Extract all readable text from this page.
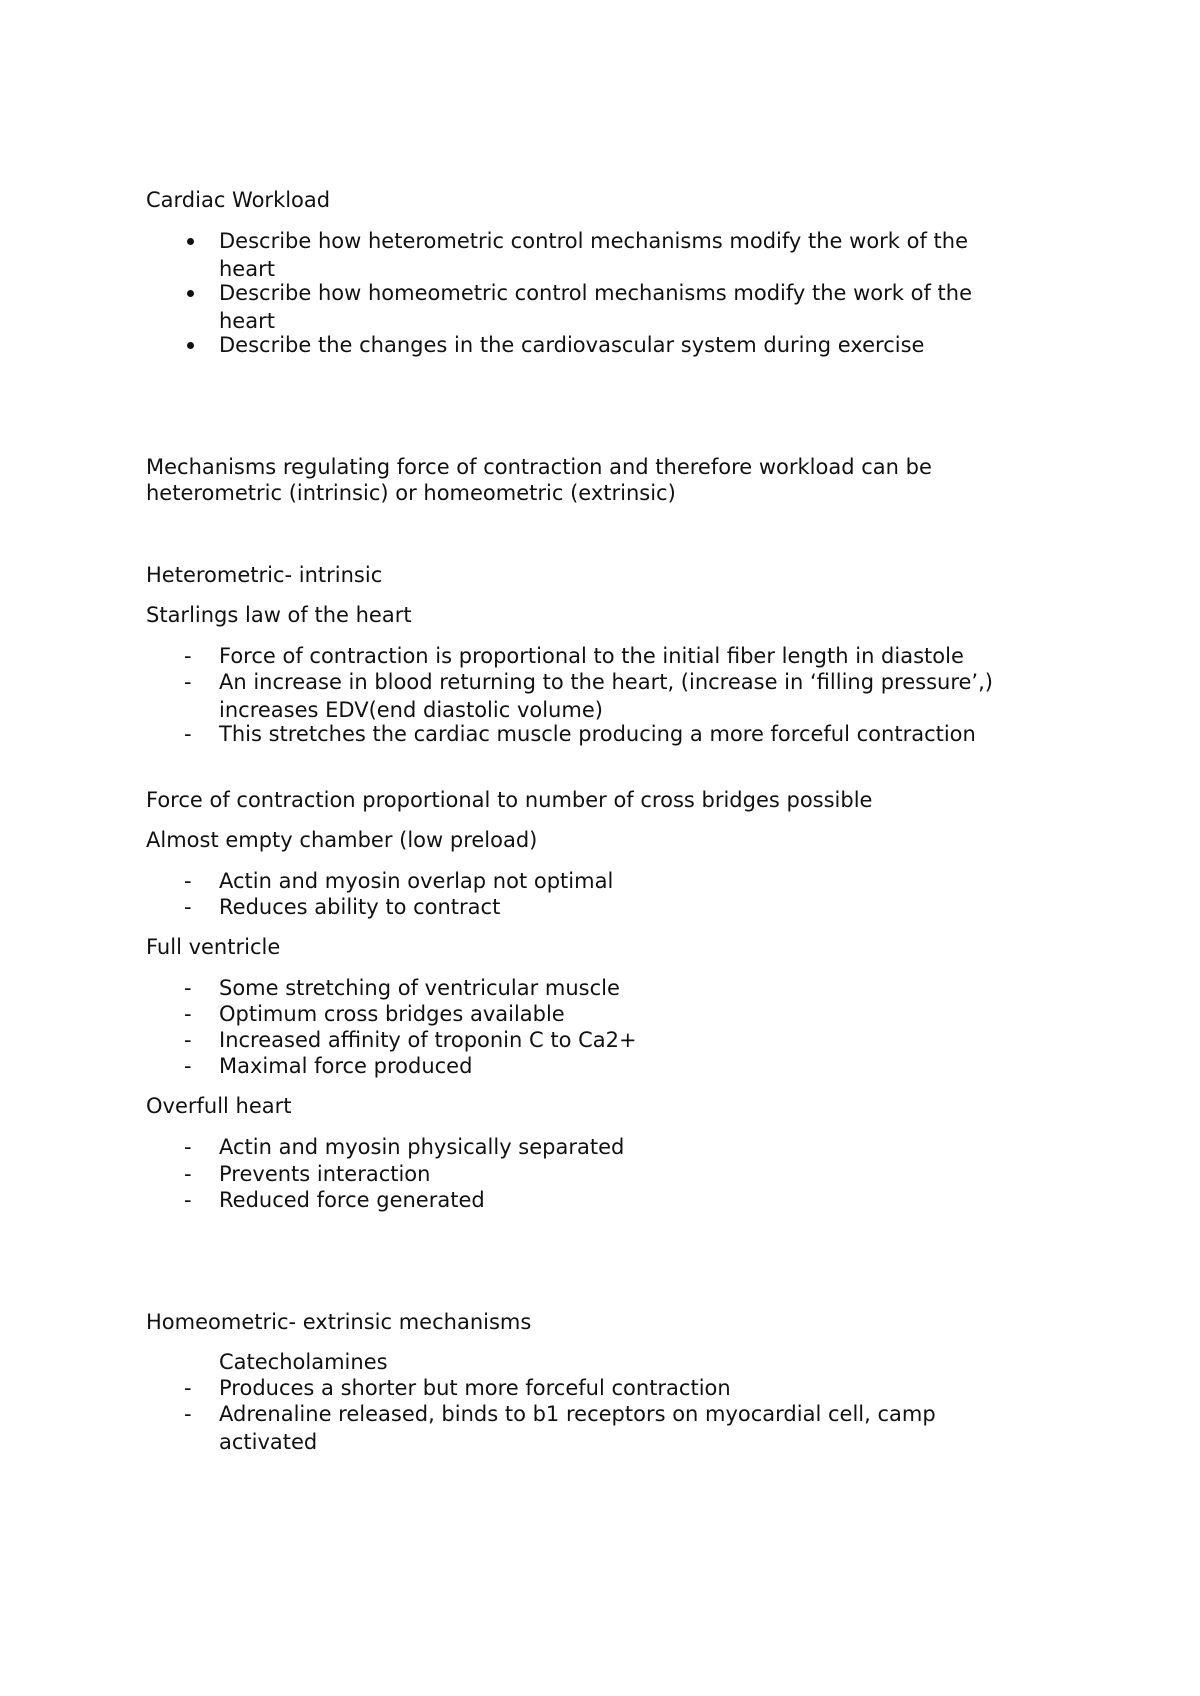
Cardiac Workload

Describe how heterometric control mechanisms modify the work of the
heart
Describe how homeometric control mechanisms modify the work of the
heart
Describe the changes in the cardiovascular system during exercise

Mechanisms regulating force of contraction and therefore workload can be

heterometric (intrinsic) or homeometric (extrinsic)

Heterometric- intrinsic

Starlings law of the heart

-	Force of contraction is proportional to the initial fiber length in diastole
-	An increase in blood returning to the heart, (increase in ‘filling pressure’,)
increases EDV(end diastolic volume)
-	This stretches the cardiac muscle producing a more forceful contraction

Force of contraction proportional to number of cross bridges possible

Almost empty chamber (low preload)

-	Actin and myosin overlap not optimal
-	Reduces ability to contract

Full ventricle

-	Some stretching of ventricular muscle
-	Optimum cross bridges available
-	Increased affinity of troponin C to Ca2+
-	Maximal force produced

Overfull heart

-	Actin and myosin physically separated
-	Prevents interaction
-	Reduced force generated

Homeometric- extrinsic mechanisms

Catecholamines

-	Produces a shorter but more forceful contraction
-	Adrenaline released, binds to b1 receptors on myocardial cell, camp
activated
